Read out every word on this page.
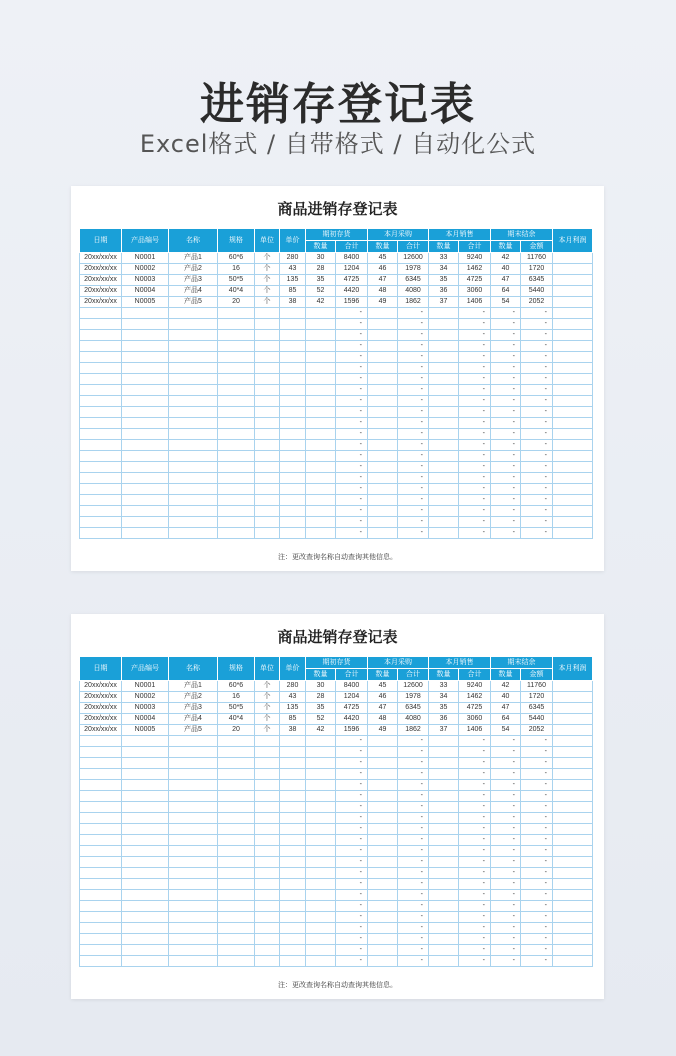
进销存登记表
Excel格式 / 自带格式 / 自动化公式
商品进销存登记表
日期	产品编号	名称	规格	单位	单价	期初存货		本月采购		本月销售		期末结余		本月利润
						数量	合计	数量	合计	数量	合计	数量	金额	
20xx/xx/xx	N0001	产品1	60*6	个	280	30	8400	45	12600	33	9240	42	11760	
20xx/xx/xx	N0002	产品2	16	个	43	28	1204	46	1978	34	1462	40	1720	
20xx/xx/xx	N0003	产品3	50*5	个	135	35	4725	47	6345	35	4725	47	6345	
20xx/xx/xx	N0004	产品4	40*4	个	85	52	4420	48	4080	36	3060	64	5440	
20xx/xx/xx	N0005	产品5	20	个	38	42	1596	49	1862	37	1406	54	2052	
							-		-		-	-	-	
							-		-		-	-	-	
							-		-		-	-	-	
							-		-		-	-	-	
							-		-		-	-	-	
							-		-		-	-	-	
							-		-		-	-	-	
							-		-		-	-	-	
							-		-		-	-	-	
							-		-		-	-	-	
							-		-		-	-	-	
							-		-		-	-	-	
							-		-		-	-	-	
							-		-		-	-	-	
							-		-		-	-	-	
							-		-		-	-	-	
							-		-		-	-	-	
							-		-		-	-	-	
							-		-		-	-	-	
							-		-		-	-	-	
							-		-		-	-	-	
注：更改查询名称自动查询其他信息。
商品进销存登记表
日期	产品编号	名称	规格	单位	单价	期初存货		本月采购		本月销售		期末结余		本月利润
						数量	合计	数量	合计	数量	合计	数量	金额	
20xx/xx/xx	N0001	产品1	60*6	个	280	30	8400	45	12600	33	9240	42	11760	
20xx/xx/xx	N0002	产品2	16	个	43	28	1204	46	1978	34	1462	40	1720	
20xx/xx/xx	N0003	产品3	50*5	个	135	35	4725	47	6345	35	4725	47	6345	
20xx/xx/xx	N0004	产品4	40*4	个	85	52	4420	48	4080	36	3060	64	5440	
20xx/xx/xx	N0005	产品5	20	个	38	42	1596	49	1862	37	1406	54	2052	
							-		-		-	-	-	
							-		-		-	-	-	
							-		-		-	-	-	
							-		-		-	-	-	
							-		-		-	-	-	
							-		-		-	-	-	
							-		-		-	-	-	
							-		-		-	-	-	
							-		-		-	-	-	
							-		-		-	-	-	
							-		-		-	-	-	
							-		-		-	-	-	
							-		-		-	-	-	
							-		-		-	-	-	
							-		-		-	-	-	
							-		-		-	-	-	
							-		-		-	-	-	
							-		-		-	-	-	
							-		-		-	-	-	
							-		-		-	-	-	
							-		-		-	-	-	
注：更改查询名称自动查询其他信息。
